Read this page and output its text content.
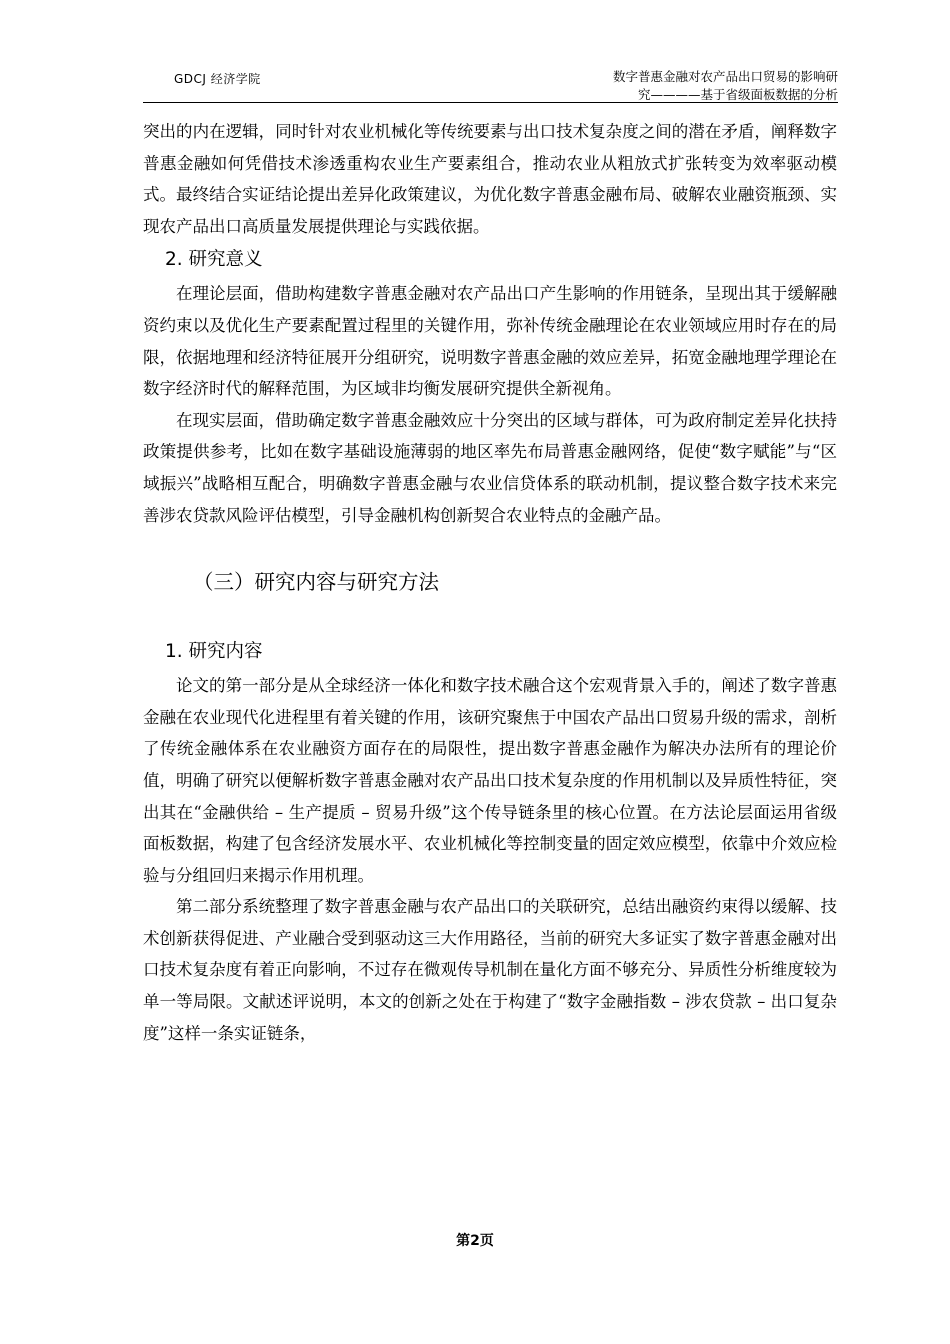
GDCJ 经济学院	数字普惠金融对农产品出口贸易的影响研
究————基于省级面板数据的分析

突出的内在逻辑，同时针对农业机械化等传统要素与出口技术复杂度之间的潜在矛盾，阐释数字普惠金融如何凭借技术渗透重构农业生产要素组合，推动农业从粗放式扩张转变为效率驱动模式。最终结合实证结论提出差异化政策建议，为优化数字普惠金融布局、破解农业融资瓶颈、实现农产品出口高质量发展提供理论与实践依据。

2. 研究意义

在理论层面，借助构建数字普惠金融对农产品出口产生影响的作用链条，呈现出其于缓解融资约束以及优化生产要素配置过程里的关键作用，弥补传统金融理论在农业领域应用时存在的局限，依据地理和经济特征展开分组研究，说明数字普惠金融的效应差异，拓宽金融地理学理论在数字经济时代的解释范围，为区域非均衡发展研究提供全新视角。

在现实层面，借助确定数字普惠金融效应十分突出的区域与群体，可为政府制定差异化扶持政策提供参考，比如在数字基础设施薄弱的地区率先布局普惠金融网络，促使“数字赋能”与“区域振兴”战略相互配合，明确数字普惠金融与农业信贷体系的联动机制，提议整合数字技术来完善涉农贷款风险评估模型，引导金融机构创新契合农业特点的金融产品。

（三）研究内容与研究方法
1. 研究内容

论文的第一部分是从全球经济一体化和数字技术融合这个宏观背景入手的，阐述了数字普惠金融在农业现代化进程里有着关键的作用，该研究聚焦于中国农产品出口贸易升级的需求，剖析了传统金融体系在农业融资方面存在的局限性，提出数字普惠金融作为解决办法所有的理论价值，明确了研究以便解析数字普惠金融对农产品出口技术复杂度的作用机制以及异质性特征，突出其在“金融供给 – 生产提质 – 贸易升级”这个传导链条里的核心位置。在方法论层面运用省级面板数据，构建了包含经济发展水平、农业机械化等控制变量的固定效应模型，依靠中介效应检验与分组回归来揭示作用机理。

第二部分系统整理了数字普惠金融与农产品出口的关联研究，总结出融资约束得以缓解、技术创新获得促进、产业融合受到驱动这三大作用路径，当前的研究大多证实了数字普惠金融对出口技术复杂度有着正向影响，不过存在微观传导机制在量化方面不够充分、异质性分析维度较为单一等局限。文献述评说明，本文的创新之处在于构建了“数字金融指数 – 涉农贷款 – 出口复杂度”这样一条实证链条，

第2页
